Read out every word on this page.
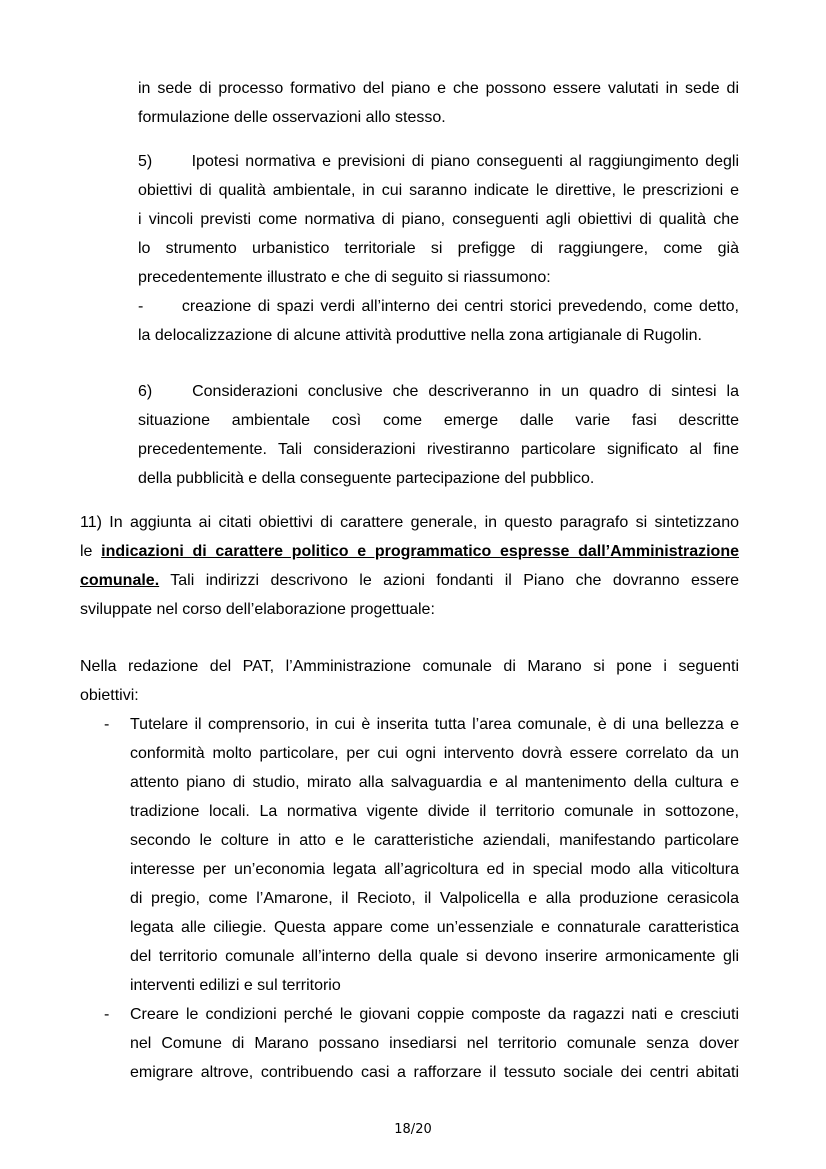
in sede di processo formativo del piano e che possono essere valutati in sede di
formulazione delle osservazioni allo stesso.
5)      Ipotesi normativa e previsioni di piano conseguenti al raggiungimento degli
obiettivi di qualità ambientale, in cui saranno indicate le direttive, le prescrizioni e
i vincoli previsti come normativa di piano, conseguenti agli obiettivi di qualità che
lo strumento urbanistico territoriale si prefigge di raggiungere, come già
precedentemente illustrato e che di seguito si riassumono:
-      creazione di spazi verdi all’interno dei centri storici prevedendo, come detto,
la delocalizzazione di alcune attività produttive nella zona artigianale di Rugolin.
6)    Considerazioni conclusive che descriveranno in un quadro di sintesi la
situazione ambientale così come emerge dalle varie fasi descritte
precedentemente. Tali considerazioni rivestiranno particolare significato al fine
della pubblicità e della conseguente partecipazione del pubblico.
11) In aggiunta ai citati obiettivi di carattere generale, in questo paragrafo si sintetizzano
le indicazioni di carattere politico e programmatico espresse dall’Amministrazione
comunale. Tali indirizzi descrivono le azioni fondanti il Piano che dovranno essere
sviluppate nel corso dell’elaborazione progettuale:
Nella redazione del PAT, l’Amministrazione comunale di Marano si pone i seguenti
obiettivi:
- Tutelare il comprensorio, in cui è inserita tutta l’area comunale, è di una bellezza e
conformità molto particolare, per cui ogni intervento dovrà essere correlato da un
attento piano di studio, mirato alla salvaguardia e al mantenimento della cultura e
tradizione locali. La normativa vigente divide il territorio comunale in sottozone,
secondo le colture in atto e le caratteristiche aziendali, manifestando particolare
interesse per un’economia legata all’agricoltura ed in special modo alla viticoltura
di pregio, come l’Amarone, il Recioto, il Valpolicella e alla produzione cerasicola
legata alle ciliegie. Questa appare come un’essenziale e connaturale caratteristica
del territorio comunale all’interno della quale si devono inserire armonicamente gli
interventi edilizi e sul territorio
- Creare le condizioni perché le giovani coppie composte da ragazzi nati e cresciuti
nel Comune di Marano possano insediarsi nel territorio comunale senza dover
emigrare altrove, contribuendo casi a rafforzare il tessuto sociale dei centri abitati
18/20
